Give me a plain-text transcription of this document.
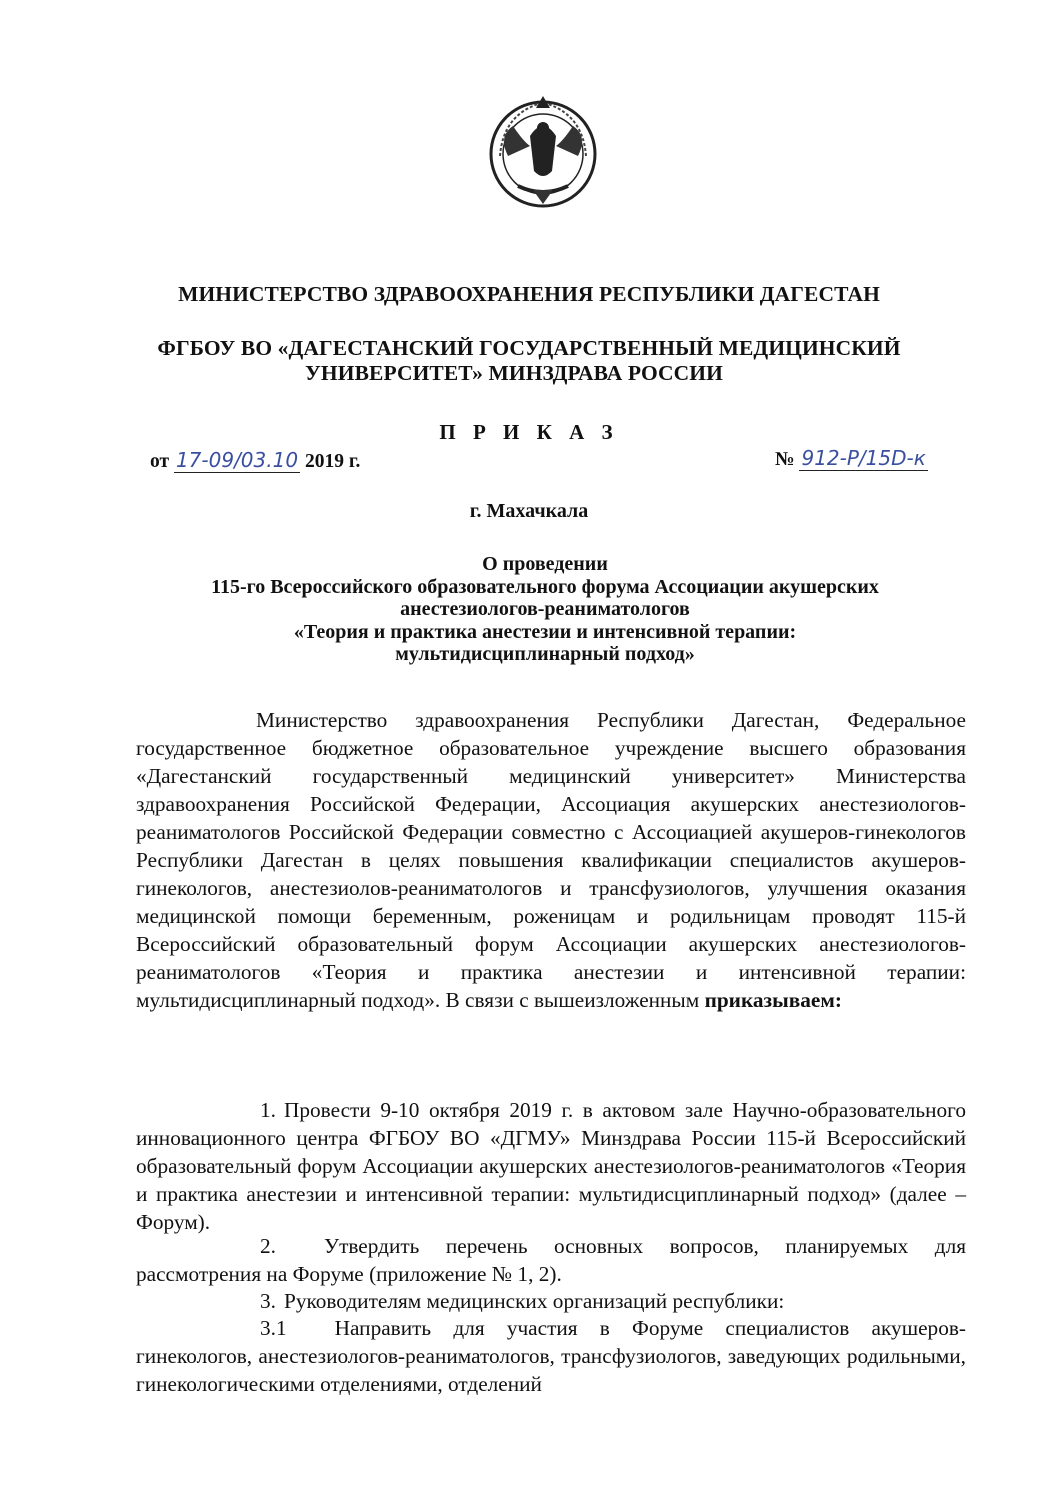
МИНИСТЕРСТВО ЗДРАВООХРАНЕНИЯ РЕСПУБЛИКИ ДАГЕСТАН
ФГБОУ ВО «ДАГЕСТАНСКИЙ ГОСУДАРСТВЕННЫЙ МЕДИЦИНСКИЙ
УНИВЕРСИТЕТ» МИНЗДРАВА РОССИИ
П Р И К А З
от 17-09/03.10 2019 г.	№ 912-Р/15D-к
г. Махачкала
О проведении
115-го Всероссийского образовательного форума Ассоциации акушерских
анестезиологов-реаниматологов
«Теория и практика анестезии и интенсивной терапии:
мультидисциплинарный подход»
Министерство здравоохранения Республики Дагестан, Федеральное государственное бюджетное образовательное учреждение высшего образования «Дагестанский государственный медицинский университет» Министерства здравоохранения Российской Федерации, Ассоциация акушерских анестезиологов-реаниматологов Российской Федерации совместно с Ассоциацией акушеров-гинекологов Республики Дагестан в целях повышения квалификации специалистов акушеров-гинекологов, анестезиолов-реаниматологов и трансфузиологов, улучшения оказания медицинской помощи беременным, роженицам и родильницам проводят 115-й Всероссийский образовательный форум Ассоциации акушерских анестезиологов-реаниматологов «Теория и практика анестезии и интенсивной терапии: мультидисциплинарный подход». В связи с вышеизложенным приказываем:
1. Провести 9-10 октября 2019 г. в актовом зале Научно-образовательного инновационного центра ФГБОУ ВО «ДГМУ» Минздрава России 115-й Всероссийский образовательный форум Ассоциации акушерских анестезиологов-реаниматологов «Теория и практика анестезии и интенсивной терапии: мультидисциплинарный подход» (далее – Форум).
2. Утвердить перечень основных вопросов, планируемых для рассмотрения на Форуме (приложение № 1, 2).
3. Руководителям медицинских организаций республики:
3.1 Направить для участия в Форуме специалистов акушеров-гинекологов, анестезиологов-реаниматологов, трансфузиологов, заведующих родильными, гинекологическими отделениями, отделений
